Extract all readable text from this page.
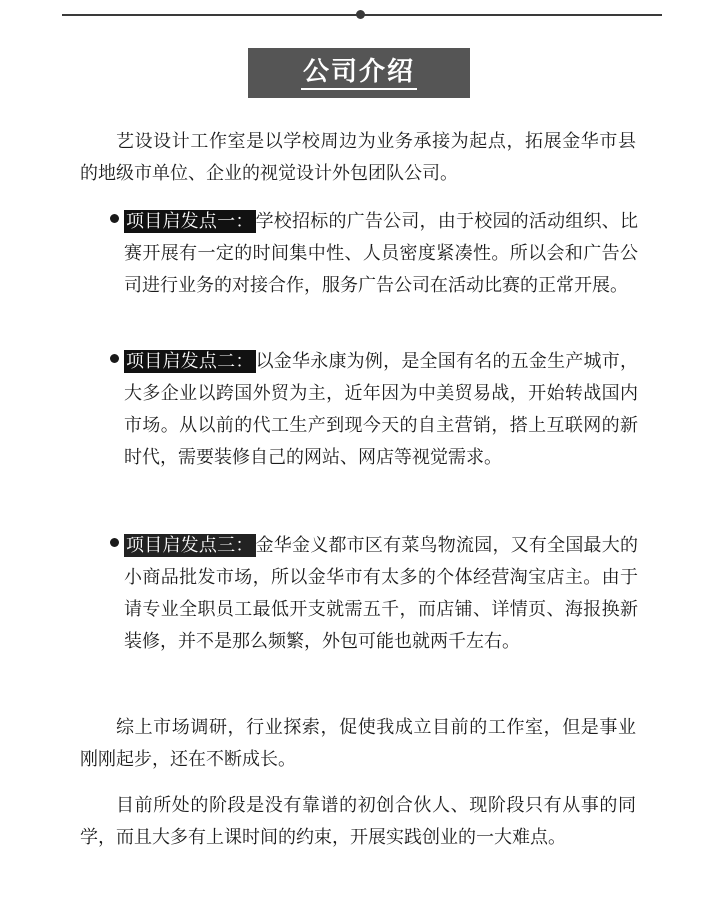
公司介绍

艺设设计工作室是以学校周边为业务承接为起点，拓展金华市县的地级市单位、企业的视觉设计外包团队公司。

项目启发点一： 学校招标的广告公司，由于校园的活动组织、比赛开展有一定的时间集中性、人员密度紧凑性。所以会和广告公司进行业务的对接合作，服务广告公司在活动比赛的正常开展。

项目启发点二： 以金华永康为例，是全国有名的五金生产城市，大多企业以跨国外贸为主，近年因为中美贸易战，开始转战国内市场。从以前的代工生产到现今天的自主营销，搭上互联网的新时代，需要装修自己的网站、网店等视觉需求。

项目启发点三： 金华金义都市区有菜鸟物流园，又有全国最大的小商品批发市场，所以金华市有太多的个体经营淘宝店主。由于请专业全职员工最低开支就需五千，而店铺、详情页、海报换新装修，并不是那么频繁，外包可能也就两千左右。

综上市场调研，行业探索，促使我成立目前的工作室，但是事业刚刚起步，还在不断成长。

目前所处的阶段是没有靠谱的初创合伙人、现阶段只有从事的同学，而且大多有上课时间的约束，开展实践创业的一大难点。
